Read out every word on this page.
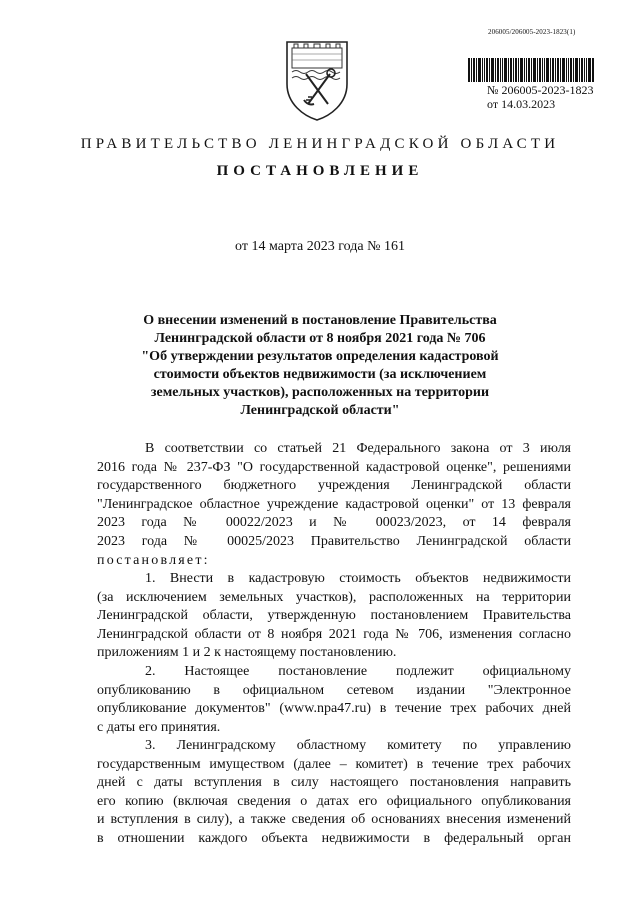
206005/206005-2023-1823(1)
№ 206005-2023-1823
от 14.03.2023
ПРАВИТЕЛЬСТВО ЛЕНИНГРАДСКОЙ ОБЛАСТИ
ПОСТАНОВЛЕНИЕ
от 14 марта 2023 года № 161
О внесении изменений в постановление Правительства
Ленинградской области от 8 ноября 2021 года № 706
"Об утверждении результатов определения кадастровой
стоимости объектов недвижимости (за исключением
земельных участков), расположенных на территории
Ленинградской области"
В соответствии со статьей 21 Федерального закона от 3 июля
2016 года № 237-ФЗ "О государственной кадастровой оценке", решениями
государственного бюджетного учреждения Ленинградской области
"Ленинградское областное учреждение кадастровой оценки" от 13 февраля
2023 года № 00022/2023 и № 00023/2023, от 14 февраля
2023 года № 00025/2023 Правительство Ленинградской области
постановляет:
1. Внести в кадастровую стоимость объектов недвижимости
(за исключением земельных участков), расположенных на территории
Ленинградской области, утвержденную постановлением Правительства
Ленинградской области от 8 ноября 2021 года № 706, изменения согласно
приложениям 1 и 2 к настоящему постановлению.
2. Настоящее постановление подлежит официальному
опубликованию в официальном сетевом издании "Электронное
опубликование документов" (www.npa47.ru) в течение трех рабочих дней
с даты его принятия.
3. Ленинградскому областному комитету по управлению
государственным имуществом (далее – комитет) в течение трех рабочих
дней с даты вступления в силу настоящего постановления направить
его копию (включая сведения о датах его официального опубликования
и вступления в силу), а также сведения об основаниях внесения изменений
в отношении каждого объекта недвижимости в федеральный орган
